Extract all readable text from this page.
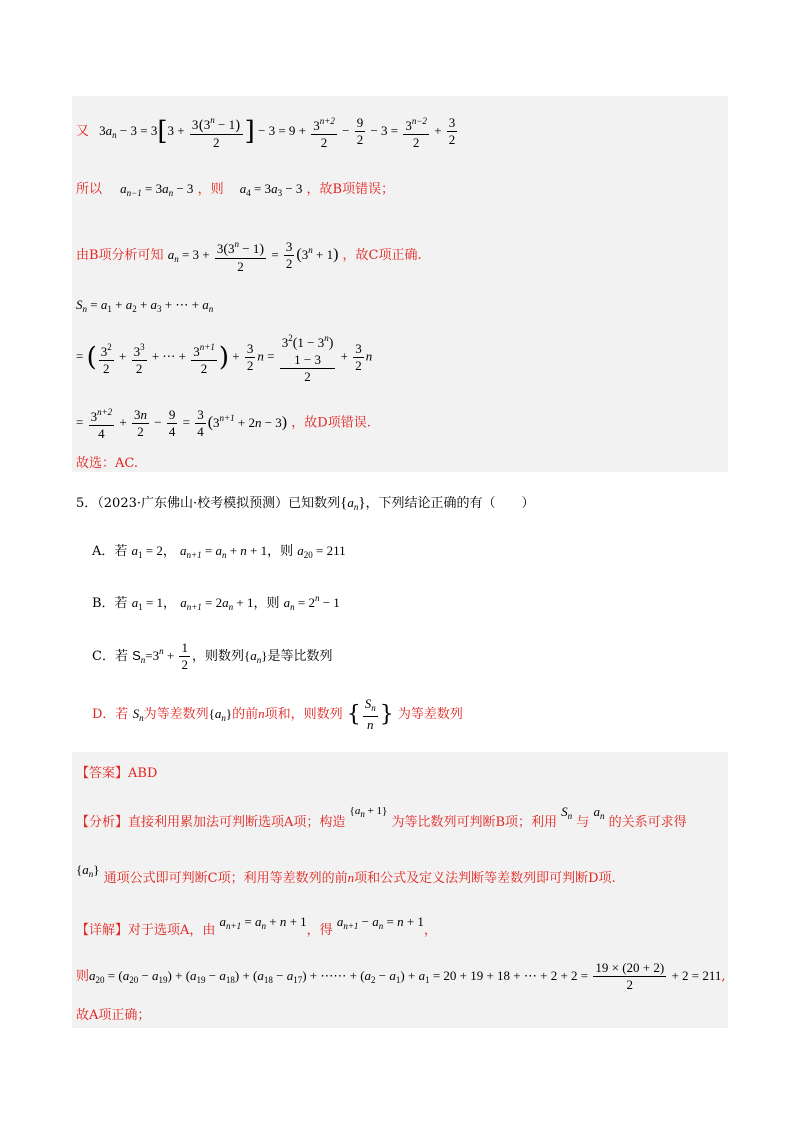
又 $3a_n - 3 = 3[3 + \frac{3(3^n - 1)}{2}$ ] − $3 = 9 + \frac{3^{n+2}}{2} - \frac{9}{2} - 3 = \frac{3^{n-2}}{2} + \frac{3}{2}$
所以 $a_{n-1} = 3a_n - 3$ ，则 $a_4 = 3a_3 - 3$ ，故B项错误；
由B项分析可知 $a_n = 3 + \frac{3(3^n - 1)}{2} = \frac{3}{2} (3^n + 1)$ ，故C项正确.
$S_n = a_1 + a_2 + a_3$ + ⋯ + $a_n$
= ( $\frac{3^2}{2} + \frac{3^3}{2}$ + ⋯ + $\frac{3^{n+1}}{2}$ ) + $\frac{3}{2}$ n =
$3^2(1 - 3^n)$
1 − 3
2
+ $\frac{3}{2}$ n
= $\frac{3^{n+2}}{4} + \frac{3n}{2} - \frac{9}{4} = \frac{3}{4} (3^{n+1} + 2n - 3)$ ，故D项错误.
故选：AC.
5．（2023·广东佛山·校考模拟预测）已知数列$\{a_n\}$，下列结论正确的有（　　）
A．若 $a_1 = 2$， $a_{n+1} = a_n + n + 1$，则 $a_{20} = 211$
B．若 $a_1 = 1$， $a_{n+1} = 2a_n + 1$，则 $a_n = 2^n - 1$
C．若 $S_n=3^n + \frac{1}{2}$ ，则数列$\{a_n\}$是等比数列
D．若 $S_n$为等差数列$\{a_n\}$的前n项和，则数列 { $\frac{S_n}{n}$ } 为等差数列
【答案】ABD
【分析】直接利用累加法可判断选项A项；构造 $^{\{a_n + 1\}}$ 为等比数列可判断B项；利用 $S_n$ 与 $a_n$ 的关系可求得
$\{a_n\}$ 通项公式即可判断C项；利用等差数列的前n项和公式及定义法判断等差数列即可判断D项.
【详解】对于选项A，由 $a_{n+1} = a_n + n + 1$，得 $a_{n+1} - a_n = n + 1$，
则$a_{20} = (a_{20} - a_{19}) + (a_{19} - a_{18}) + (a_{18} - a_{17})$ + ⋯⋯ + $(a_2 - a_1) + a_1 = 20 + 19 + 18$ + ⋯ + $2 + 2 = \frac{19 \times (20 + 2)}{2} + 2 = 211$,
故A项正确；
